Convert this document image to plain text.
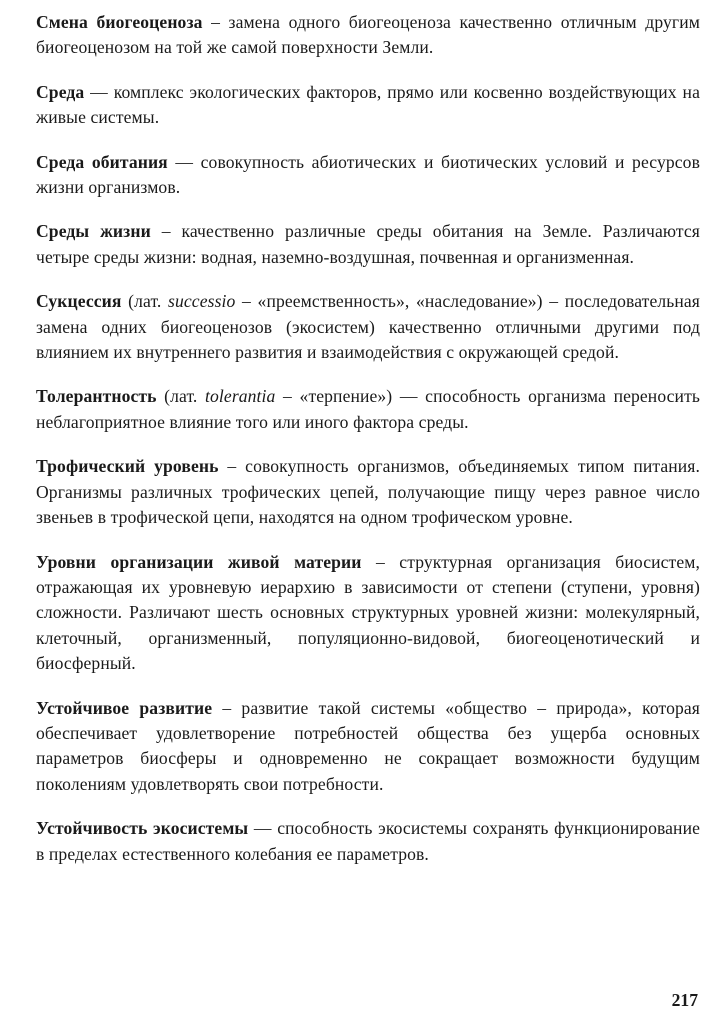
Смена биогеоценоза – замена одного биогеоценоза качественно отличным другим биогеоценозом на той же самой поверхности Земли.

Среда — комплекс экологических факторов, прямо или косвенно воздействующих на живые системы.

Среда обитания — совокупность абиотических и биотических условий и ресурсов жизни организмов.

Среды жизни – качественно различные среды обитания на Земле. Различаются четыре среды жизни: водная, наземно-воздушная, почвенная и организменная.

Сукцессия (лат. successio – «преемственность», «наследование») – последовательная замена одних биогеоценозов (экосистем) качественно отличными другими под влиянием их внутреннего развития и взаимодействия с окружающей средой.

Толерантность (лат. tolerantia – «терпение») — способность организма переносить неблагоприятное влияние того или иного фактора среды.

Трофический уровень – совокупность организмов, объединяемых типом питания. Организмы различных трофических цепей, получающие пищу через равное число звеньев в трофической цепи, находятся на одном трофическом уровне.

Уровни организации живой материи – структурная организация биосистем, отражающая их уровневую иерархию в зависимости от степени (ступени, уровня) сложности. Различают шесть основных структурных уровней жизни: молекулярный, клеточный, организменный, популяционно-видовой, биогеоценотический и биосферный.

Устойчивое развитие – развитие такой системы «общество – природа», которая обеспечивает удовлетворение потребностей общества без ущерба основных параметров биосферы и одновременно не сокращает возможности будущим поколениям удовлетворять свои потребности.

Устойчивость экосистемы — способность экосистемы сохранять функционирование в пределах естественного колебания ее параметров.

217
